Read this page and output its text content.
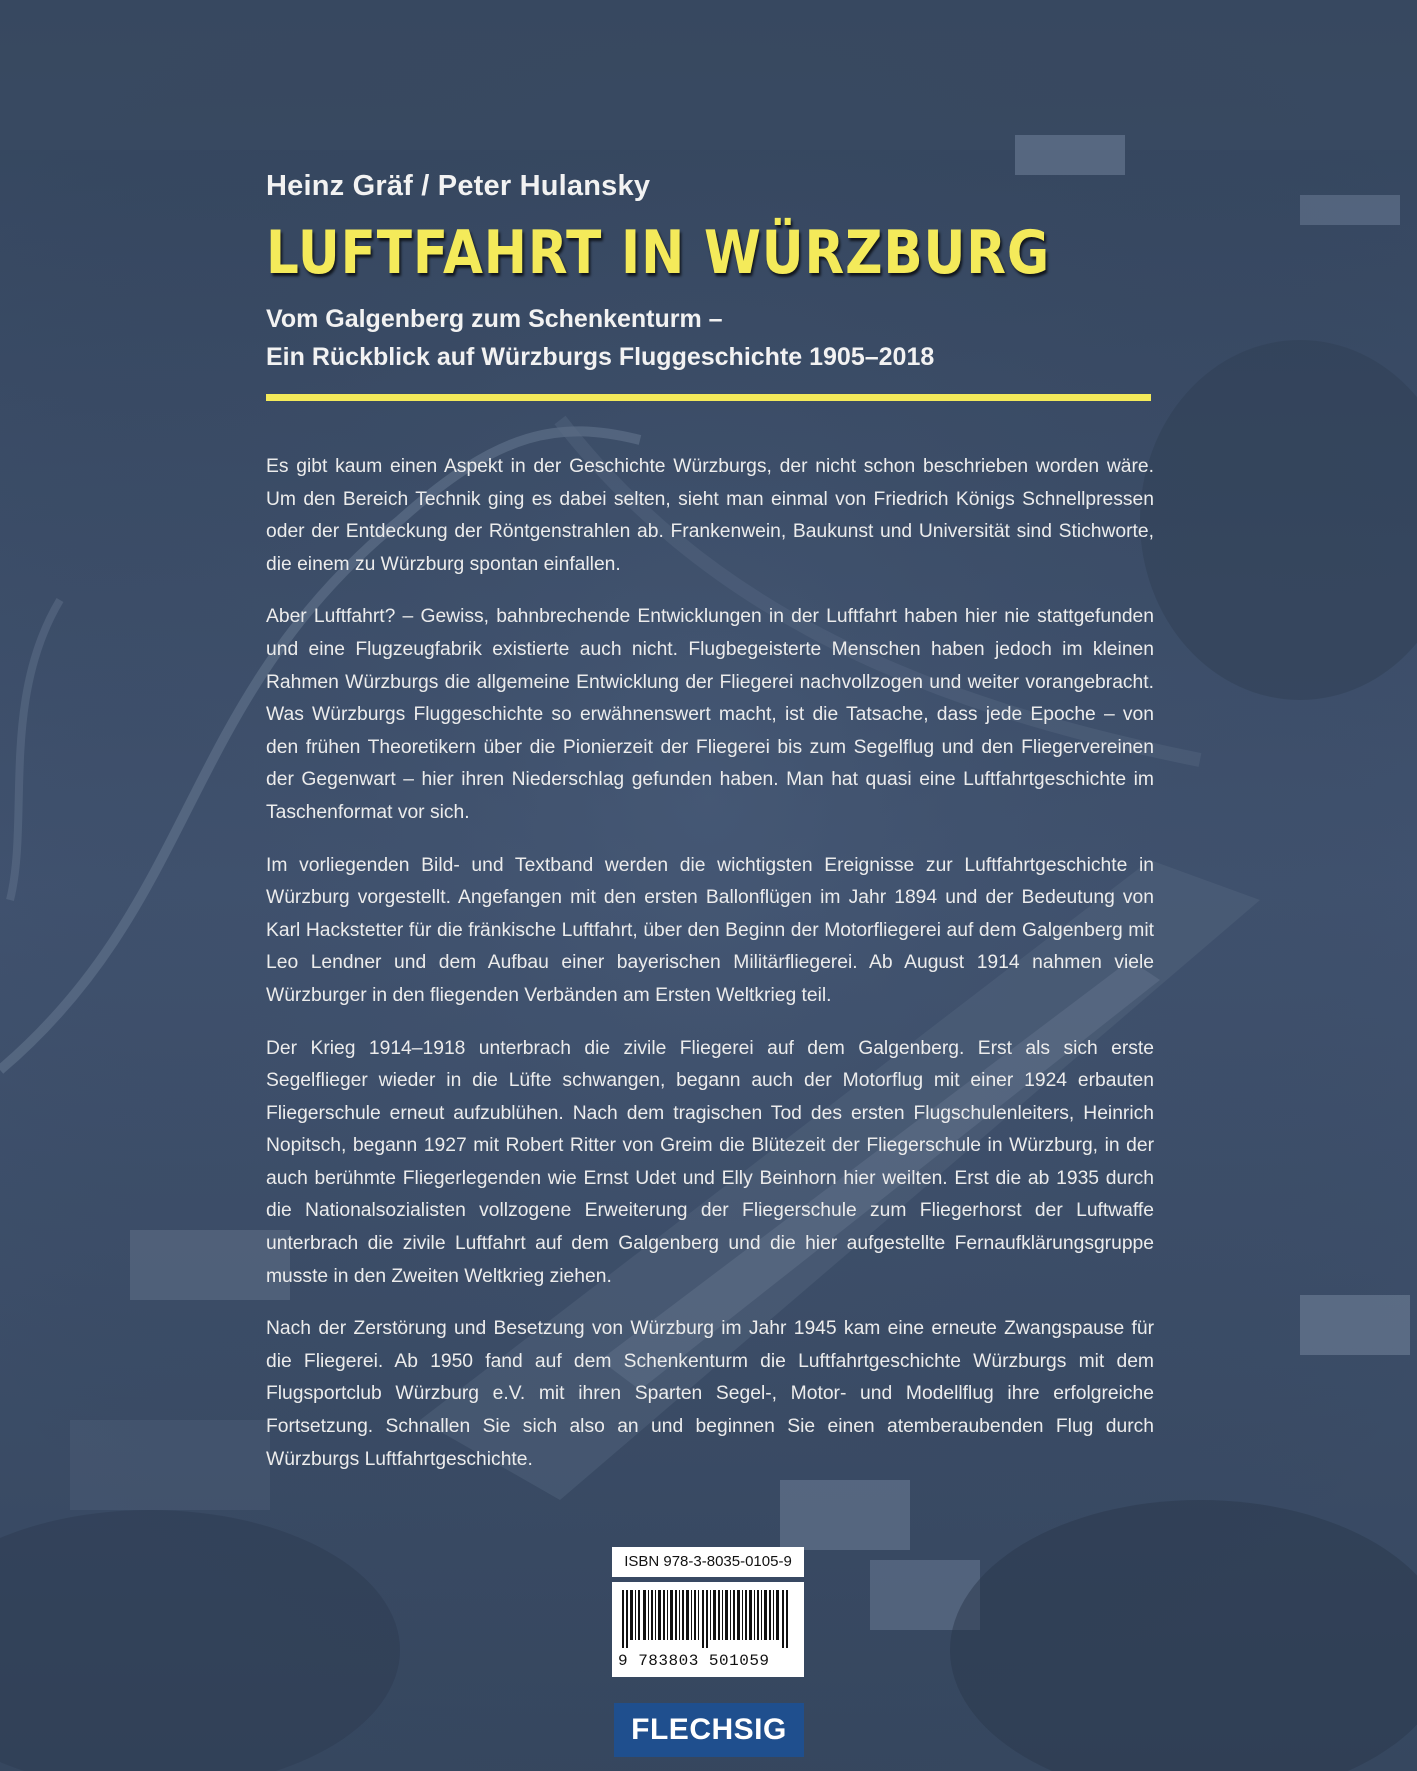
Heinz Gräf / Peter Hulansky
LUFTFAHRT IN WÜRZBURG
Vom Galgenberg zum Schenkenturm –
Ein Rückblick auf Würzburgs Fluggeschichte 1905–2018

Es gibt kaum einen Aspekt in der Geschichte Würzburgs, der nicht schon beschrieben worden wäre. Um den Bereich Technik ging es dabei selten, sieht man einmal von Friedrich Königs Schnellpressen oder der Entdeckung der Röntgenstrahlen ab. Frankenwein, Baukunst und Universität sind Stichworte, die einem zu Würzburg spontan einfallen.

Aber Luftfahrt? – Gewiss, bahnbrechende Entwicklungen in der Luftfahrt haben hier nie stattgefunden und eine Flugzeugfabrik existierte auch nicht. Flugbegeisterte Menschen haben jedoch im kleinen Rahmen Würzburgs die allgemeine Entwicklung der Fliegerei nachvollzogen und weiter vorangebracht. Was Würzburgs Fluggeschichte so erwähnenswert macht, ist die Tatsache, dass jede Epoche – von den frühen Theoretikern über die Pionierzeit der Fliegerei bis zum Segelflug und den Fliegervereinen der Gegenwart – hier ihren Niederschlag gefunden haben. Man hat quasi eine Luftfahrtgeschichte im Taschenformat vor sich.

Im vorliegenden Bild- und Textband werden die wichtigsten Ereignisse zur Luftfahrtgeschichte in Würzburg vorgestellt. Angefangen mit den ersten Ballonflügen im Jahr 1894 und der Bedeutung von Karl Hackstetter für die fränkische Luftfahrt, über den Beginn der Motorfliegerei auf dem Galgenberg mit Leo Lendner und dem Aufbau einer bayerischen Militärfliegerei. Ab August 1914 nahmen viele Würzburger in den fliegenden Verbänden am Ersten Weltkrieg teil.

Der Krieg 1914–1918 unterbrach die zivile Fliegerei auf dem Galgenberg. Erst als sich erste Segelflieger wieder in die Lüfte schwangen, begann auch der Motorflug mit einer 1924 erbauten Fliegerschule erneut aufzublühen. Nach dem tragischen Tod des ersten Flugschulenleiters, Heinrich Nopitsch, begann 1927 mit Robert Ritter von Greim die Blütezeit der Fliegerschule in Würzburg, in der auch berühmte Fliegerlegenden wie Ernst Udet und Elly Beinhorn hier weilten. Erst die ab 1935 durch die Nationalsozialisten vollzogene Erweiterung der Fliegerschule zum Fliegerhorst der Luftwaffe unterbrach die zivile Luftfahrt auf dem Galgenberg und die hier aufgestellte Fernaufklärungsgruppe musste in den Zweiten Weltkrieg ziehen.

Nach der Zerstörung und Besetzung von Würzburg im Jahr 1945 kam eine erneute Zwangspause für die Fliegerei. Ab 1950 fand auf dem Schenkenturm die Luftfahrtgeschichte Würzburgs mit dem Flugsportclub Würzburg e.V. mit ihren Sparten Segel-, Motor- und Modellflug ihre erfolgreiche Fortsetzung. Schnallen Sie sich also an und beginnen Sie einen atemberaubenden Flug durch Würzburgs Luftfahrtgeschichte.

ISBN 978-3-8035-0105-9
9 783803 501059
FLECHSIG
